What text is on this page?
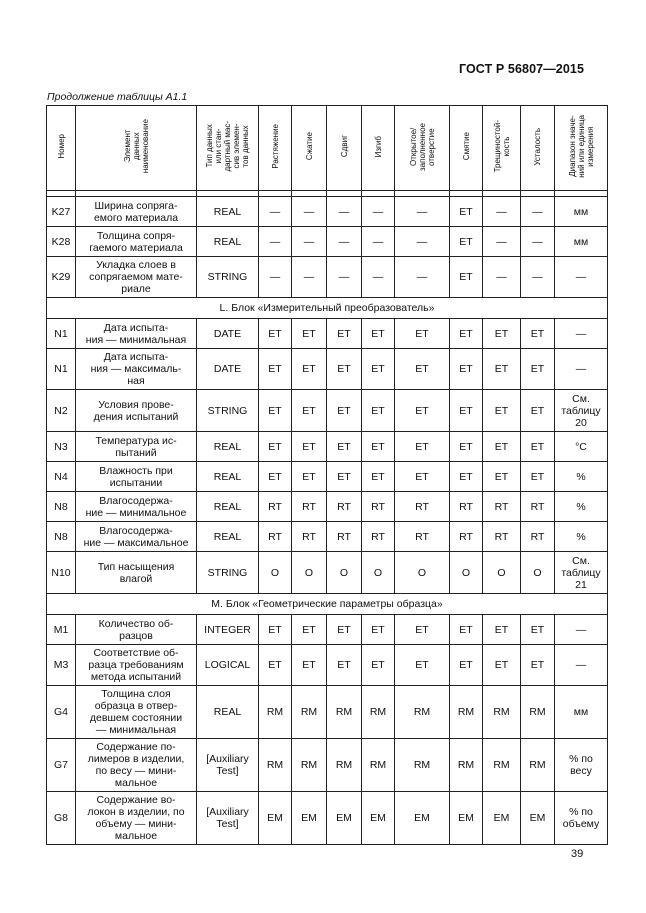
ГОСТ Р 56807—2015
Продолжение таблицы А1.1
Номер	Элемент
данных
наименование	Тип данных
или стан-
дартный мас-
сив элемен-
тов данных	Растяжение	Сжатие	Сдвиг	Изгиб	Открытое/
заполненное
отверстие	Смятие	Трещиностой-
кость	Усталость	Диапазон значе-
ний или единица
измерения

K27	Ширина сопряга-
емого материала	REAL	—	—	—	—	—	ET	—	—	мм
K28	Толщина сопря-
гаемого материала	REAL	—	—	—	—	—	ET	—	—	мм
K29	Укладка слоев в
сопрягаемом мате-
риале	STRING	—	—	—	—	—	ET	—	—	—
L. Блок «Измерительный преобразователь»											
N1	Дата испыта-
ния — минимальная	DATE	ET	ET	ET	ET	ET	ET	ET	ET	—
N1	Дата испыта-
ния — максималь-
ная	DATE	ET	ET	ET	ET	ET	ET	ET	ET	—
N2	Условия прове-
дения испытаний	STRING	ET	ET	ET	ET	ET	ET	ET	ET	См.
таблицу
20
N3	Температура ис-
пытаний	REAL	ET	ET	ET	ET	ET	ET	ET	ET	°C
N4	Влажность при
испытании	REAL	ET	ET	ET	ET	ET	ET	ET	ET	%
N8	Влагосодержа-
ние — минимальное	REAL	RT	RT	RT	RT	RT	RT	RT	RT	%
N8	Влагосодержа-
ние — максимальное	REAL	RT	RT	RT	RT	RT	RT	RT	RT	%
N10	Тип насыщения
влагой	STRING	O	O	O	O	O	O	O	O	См.
таблицу
21
М. Блок «Геометрические параметры образца»											
M1	Количество об-
разцов	INTEGER	ET	ET	ET	ET	ET	ET	ET	ET	—
M3	Соответствие об-
разца требованиям
метода испытаний	LOGICAL	ET	ET	ET	ET	ET	ET	ET	ET	—
G4	Толщина слоя
образца в отвер-
девшем состоянии
— минимальная	REAL	RM	RM	RM	RM	RM	RM	RM	RM	мм
G7	Содержание по-
лимеров в изделии,
по весу — мини-
мальное	[Auxiliary
Test]	RM	RM	RM	RM	RM	RM	RM	RM	% по
весу
G8	Содержание во-
локон в изделии, по
объему — мини-
мальное	[Auxiliary
Test]	EM	EM	EM	EM	EM	EM	EM	EM	% по
объему
39
